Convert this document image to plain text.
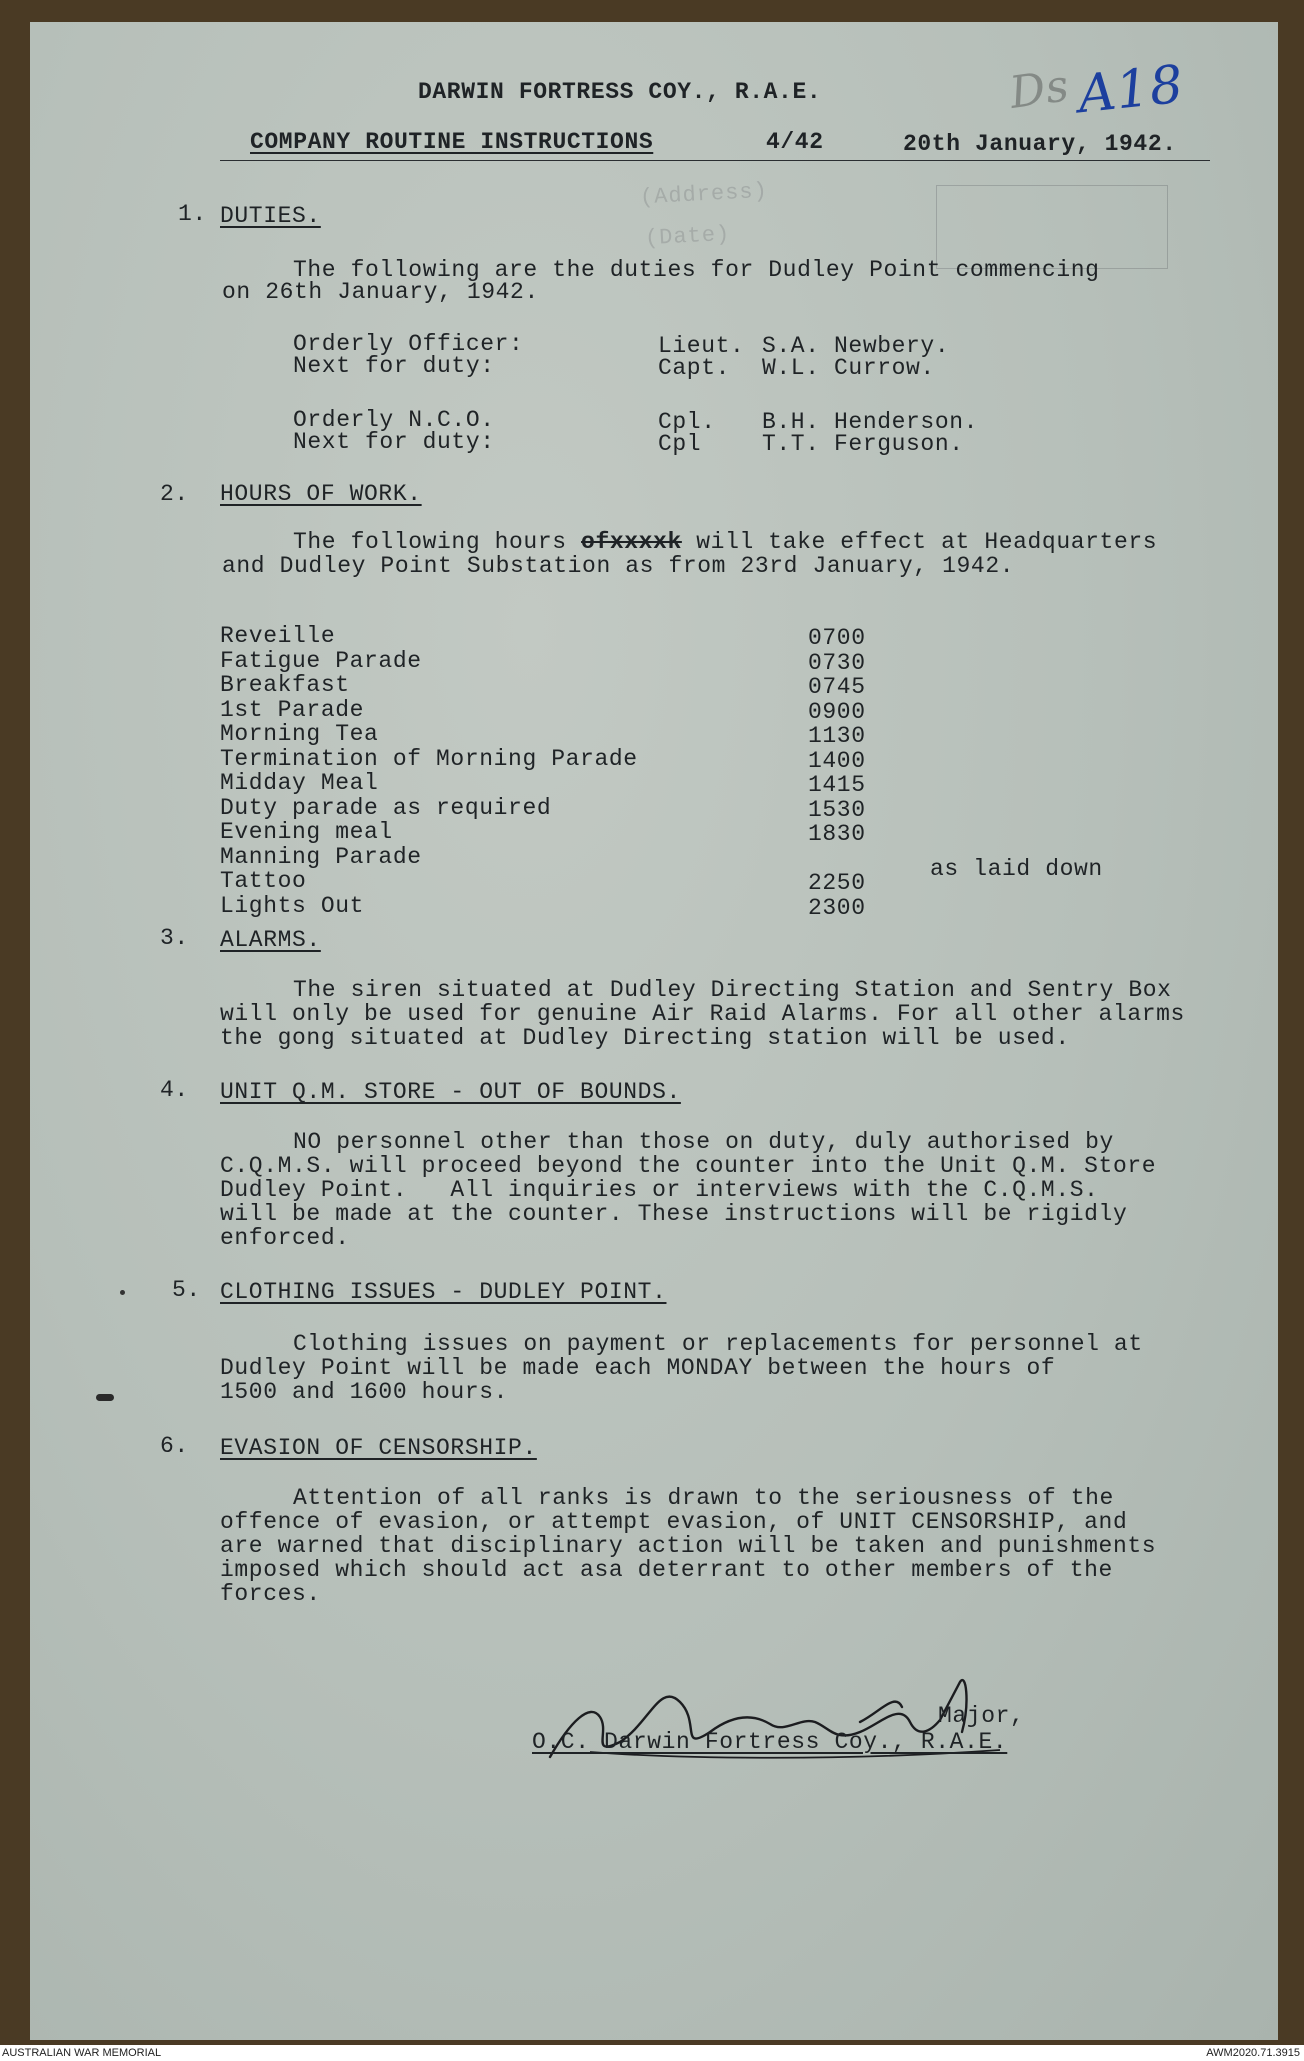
(Address)
(Date)
DARWIN FORTRESS COY., R.A.E.
COMPANY ROUTINE INSTRUCTIONS	4/42	20th January, 1942.
Ds A18
1. DUTIES.
The following are the duties for Dudley Point commencing
on 26th January, 1942.
Orderly Officer:	Lieut. S.A. Newbery.
Next for duty:	Capt. W.L. Currow.
Orderly N.C.O.	Cpl. B.H. Henderson.
Next for duty:	Cpl	T.T. Ferguson.
2. HOURS OF WORK.
The following hours ofxxxxk will take effect at Headquarters
and Dudley Point Substation as from 23rd January, 1942.
3. ALARMS.
The siren situated at Dudley Directing Station and Sentry Box
will only be used for genuine Air Raid Alarms. For all other alarms
the gong situated at Dudley Directing station will be used.
4. UNIT Q.M. STORE - OUT OF BOUNDS.
NO personnel other than those on duty, duly authorised by
C.Q.M.S. will proceed beyond the counter into the Unit Q.M. Store
Dudley Point.   All inquiries or interviews with the C.Q.M.S.
will be made at the counter. These instructions will be rigidly
enforced.
5. CLOTHING ISSUES - DUDLEY POINT.
Clothing issues on payment or replacements for personnel at
Dudley Point will be made each MONDAY between the hours of
1500 and 1600 hours.
6. EVASION OF CENSORSHIP.
Attention of all ranks is drawn to the seriousness of the
offence of evasion, or attempt evasion, of UNIT CENSORSHIP, and
are warned that disciplinary action will be taken and punishments
imposed which should act asa deterrant to other members of the
forces.
Major,
O.C. Darwin Fortress Coy., R.A.E.
Reveille	0700
Fatigue Parade	0730
Breakfast	0745
1st Parade	0900
Morning Tea	1130
Termination of Morning Parade	1400
Midday Meal	1415
Duty parade as required	1530
Evening meal	1830
Manning Parade	as laid down
Tattoo	2250
Lights Out	2300
AUSTRALIAN WAR MEMORIAL	AWM2020.71.3915
